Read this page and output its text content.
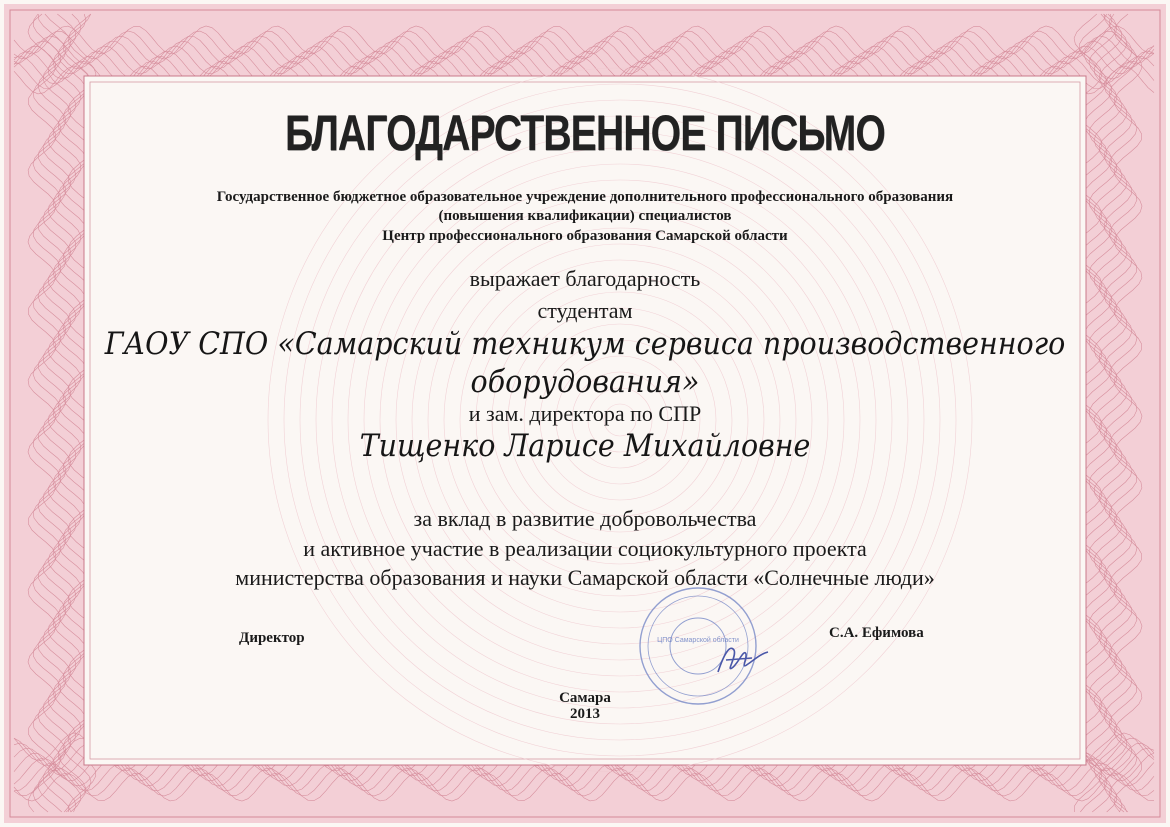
БЛАГОДАРСТВЕННОЕ ПИСЬМО
Государственное бюджетное образовательное учреждение дополнительного профессионального образования
(повышения квалификации) специалистов
Центр профессионального образования Самарской области
выражает благодарность
студентам
ГАОУ СПО «Самарский техникум сервиса производственного
оборудования»
и зам. директора по СПР
Тищенко Ларисе Михайловне
за вклад в развитие добровольчества
и активное участие в реализации социокультурного проекта
министерства образования и науки Самарской области «Солнечные люди»
Директор	С.А. Ефимова
ЦПО Самарской области
Самара
2013
